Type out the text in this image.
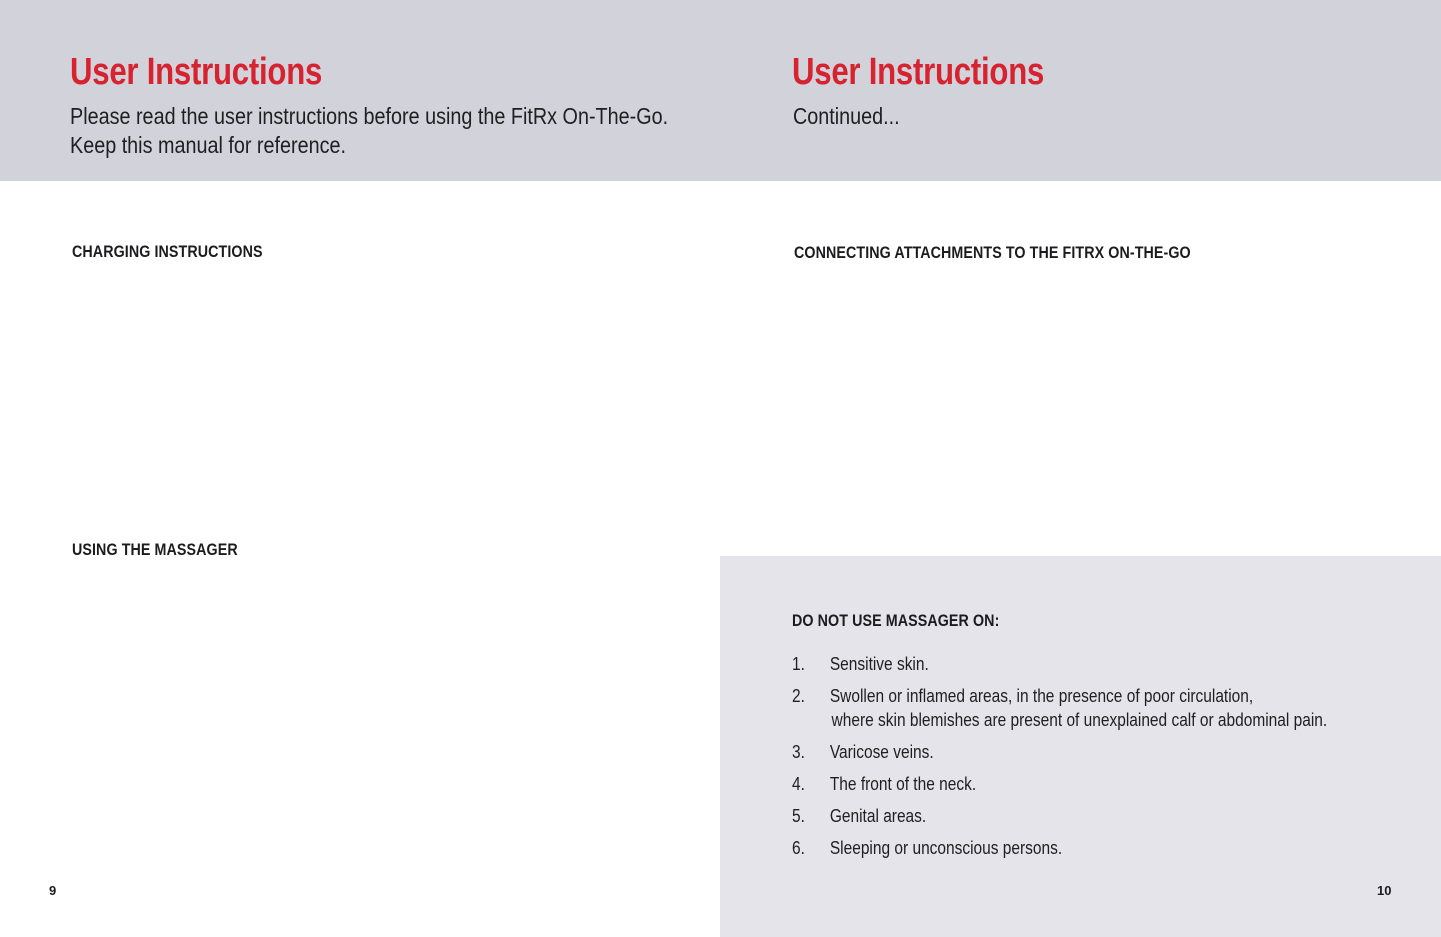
User Instructions

Please read the user instructions before using the FitRx On-The-Go.

Keep this manual for reference.

CHARGING INSTRUCTIONS
USING THE MASSAGER
9
User Instructions

Continued...

CONNECTING ATTACHMENTS TO THE FITRX ON-THE-GO
DO NOT USE MASSAGER ON:
1. Sensitive skin.
2. Swollen or inflamed areas, in the presence of poor circulation,
where skin blemishes are present of unexplained calf or abdominal pain.
3. Varicose veins.
4. The front of the neck.
5. Genital areas.
6. Sleeping or unconscious persons.
10
